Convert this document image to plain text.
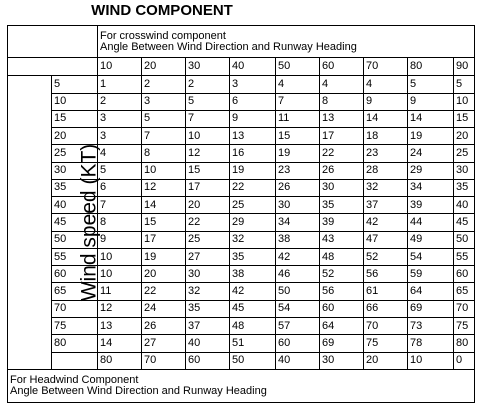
WIND COMPONENT

		For crosswind component
Angle Between Wind Direction and Runway Heading								

		10	20	30	40	50	60	70	80	90
Wind speed (KT)	5	1	2	2	3	4	4	4	5	5
	10	2	3	5	6	7	8	9	9	10
	15	3	5	7	9	11	13	14	14	15
	20	3	7	10	13	15	17	18	19	20
	25	4	8	12	16	19	22	23	24	25
	30	5	10	15	19	23	26	28	29	30
	35	6	12	17	22	26	30	32	34	35
	40	7	14	20	25	30	35	37	39	40
	45	8	15	22	29	34	39	42	44	45
	50	9	17	25	32	38	43	47	49	50
	55	10	19	27	35	42	48	52	54	55
	60	10	20	30	38	46	52	56	59	60
	65	11	22	32	42	50	56	61	64	65
	70	12	24	35	45	54	60	66	69	70
	75	13	26	37	48	57	64	70	73	75
	80	14	27	40	51	60	69	75	78	80
		80	70	60	50	40	30	20	10	0

For Headwind Component
Angle Between Wind Direction and Runway Heading										
